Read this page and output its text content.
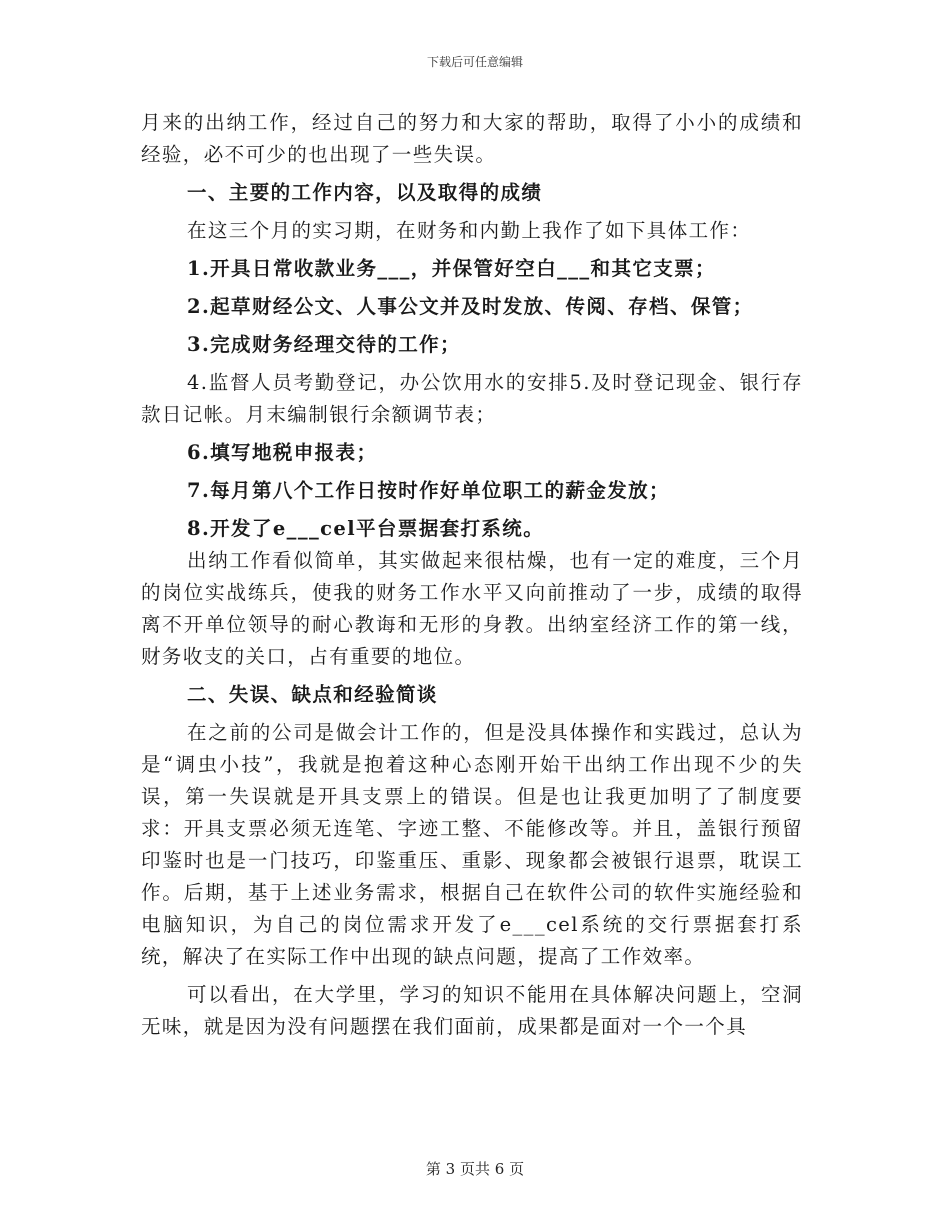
下载后可任意编辑

月来的出纳工作，经过自己的努力和大家的帮助，取得了小小的成绩和经验，必不可少的也出现了一些失误。

一、主要的工作内容，以及取得的成绩

在这三个月的实习期，在财务和内勤上我作了如下具体工作：

1.开具日常收款业务___，并保管好空白___和其它支票；

2.起草财经公文、人事公文并及时发放、传阅、存档、保管；

3.完成财务经理交待的工作；

4.监督人员考勤登记，办公饮用水的安排5.及时登记现金、银行存款日记帐。月末编制银行余额调节表；

6.填写地税申报表；

7.每月第八个工作日按时作好单位职工的薪金发放；

8.开发了e___cel平台票据套打系统。

出纳工作看似简单，其实做起来很枯燥，也有一定的难度，三个月的岗位实战练兵，使我的财务工作水平又向前推动了一步，成绩的取得离不开单位领导的耐心教诲和无形的身教。出纳室经济工作的第一线，财务收支的关口，占有重要的地位。

二、失误、缺点和经验简谈

在之前的公司是做会计工作的，但是没具体操作和实践过，总认为是“调虫小技”，我就是抱着这种心态刚开始干出纳工作出现不少的失误，第一失误就是开具支票上的错误。但是也让我更加明了了制度要求：开具支票必须无连笔、字迹工整、不能修改等。并且，盖银行预留印鉴时也是一门技巧，印鉴重压、重影、现象都会被银行退票，耽误工作。后期，基于上述业务需求，根据自己在软件公司的软件实施经验和电脑知识，为自己的岗位需求开发了e___cel系统的交行票据套打系统，解决了在实际工作中出现的缺点问题，提高了工作效率。

可以看出，在大学里，学习的知识不能用在具体解决问题上，空洞无味，就是因为没有问题摆在我们面前，成果都是面对一个一个具

第 3 页共 6 页
